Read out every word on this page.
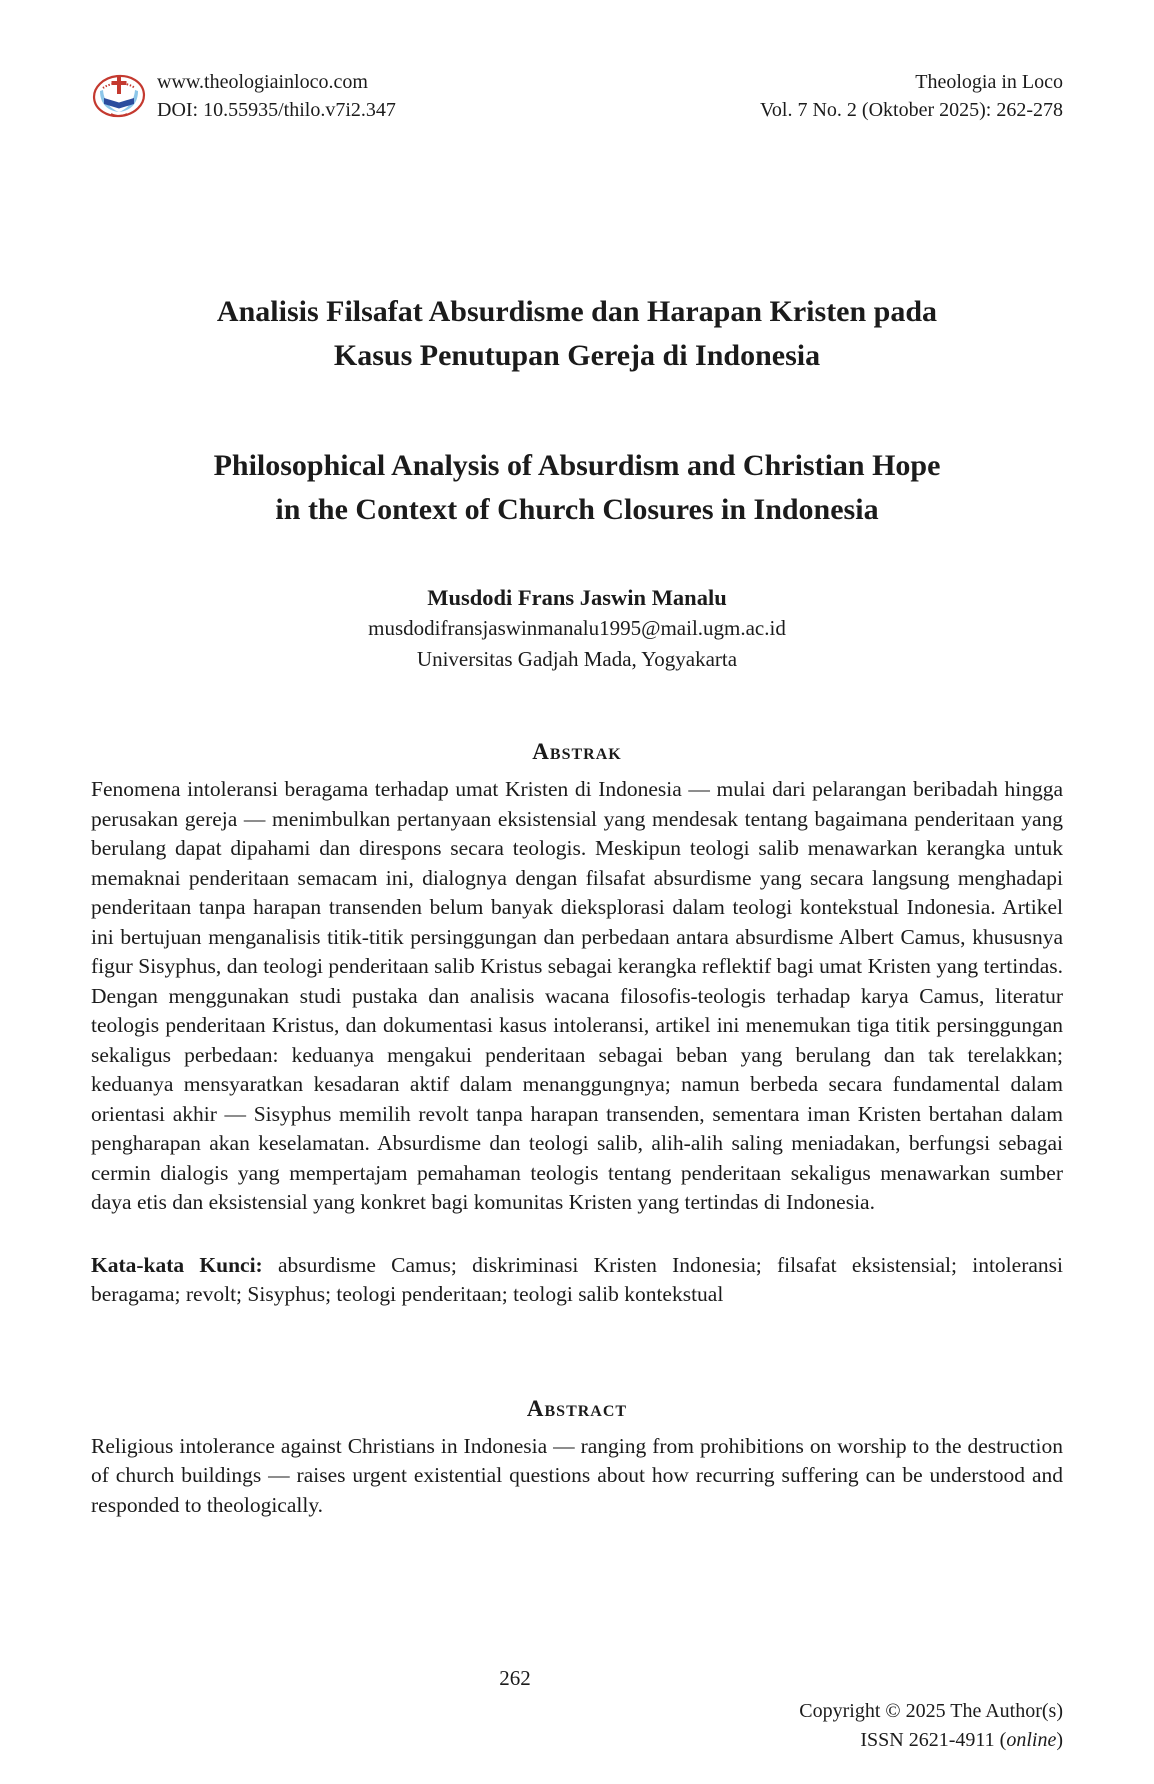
www.theologiainloco.com
DOI: 10.55935/thilo.v7i2.347
Theologia in Loco
Vol. 7 No. 2 (Oktober 2025): 262-278
Analisis Filsafat Absurdisme dan Harapan Kristen pada
Kasus Penutupan Gereja di Indonesia
Philosophical Analysis of Absurdism and Christian Hope
in the Context of Church Closures in Indonesia
Musdodi Frans Jaswin Manalu
musdodifransjaswinmanalu1995@mail.ugm.ac.id
Universitas Gadjah Mada, Yogyakarta
Abstrak

Fenomena intoleransi beragama terhadap umat Kristen di Indonesia — mulai dari pelarangan beribadah hingga perusakan gereja — menimbulkan pertanyaan eksistensial yang mendesak tentang bagaimana penderitaan yang berulang dapat dipahami dan direspons secara teologis. Meskipun teologi salib menawarkan kerangka untuk memaknai penderitaan semacam ini, dialognya dengan filsafat absurdisme yang secara langsung menghadapi penderitaan tanpa harapan transenden belum banyak dieksplorasi dalam teologi kontekstual Indonesia. Artikel ini bertujuan menganalisis titik-titik persinggungan dan perbedaan antara absurdisme Albert Camus, khususnya figur Sisyphus, dan teologi penderitaan salib Kristus sebagai kerangka reflektif bagi umat Kristen yang tertindas. Dengan menggunakan studi pustaka dan analisis wacana filosofis-teologis terhadap karya Camus, literatur teologis penderitaan Kristus, dan dokumentasi kasus intoleransi, artikel ini menemukan tiga titik persinggungan sekaligus perbedaan: keduanya mengakui penderitaan sebagai beban yang berulang dan tak terelakkan; keduanya mensyaratkan kesadaran aktif dalam menanggungnya; namun berbeda secara fundamental dalam orientasi akhir — Sisyphus memilih revolt tanpa harapan transenden, sementara iman Kristen bertahan dalam pengharapan akan keselamatan. Absurdisme dan teologi salib, alih-alih saling meniadakan, berfungsi sebagai cermin dialogis yang mempertajam pemahaman teologis tentang penderitaan sekaligus menawarkan sumber daya etis dan eksistensial yang konkret bagi komunitas Kristen yang tertindas di Indonesia.

Kata-kata Kunci: absurdisme Camus; diskriminasi Kristen Indonesia; filsafat eksistensial; intoleransi beragama; revolt; Sisyphus; teologi penderitaan; teologi salib kontekstual

Abstract

Religious intolerance against Christians in Indonesia — ranging from prohibitions on worship to the destruction of church buildings — raises urgent existential questions about how recurring suffering can be understood and responded to theologically.

262
Copyright © 2025 The Author(s)
ISSN 2621-4911 (online)
